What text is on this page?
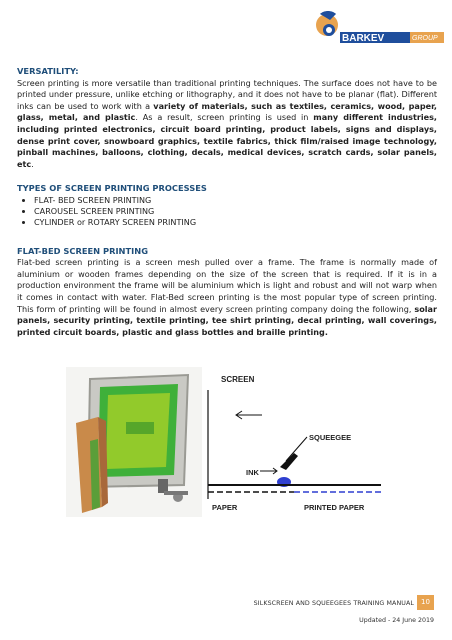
BARKEV	GROUP
VERSATILITY:

Screen printing is more versatile than traditional printing techniques. The surface does not have to be printed under pressure, unlike etching or lithography, and it does not have to be planar (flat). Different inks can be used to work with a variety of materials, such as textiles, ceramics, wood, paper, glass, metal, and plastic. As a result, screen printing is used in many different industries, including printed electronics, circuit board printing, product labels, signs and displays, dense print cover, snowboard graphics, textile fabrics, thick film/raised image technology, pinball machines, balloons, clothing, decals, medical devices, scratch cards, solar panels, etc.

TYPES OF SCREEN PRINTING PROCESSES
• FLAT- BED SCREEN PRINTING
• CAROUSEL SCREEN PRINTING
• CYLINDER or ROTARY SCREEN PRINTING
FLAT-BED SCREEN PRINTING

Flat-bed screen printing is a screen mesh pulled over a frame. The frame is normally made of aluminium or wooden frames depending on the size of the screen that is required. If it is in a production environment the frame will be aluminium which is light and robust and will not warp when it comes in contact with water. Flat-Bed screen printing is the most popular type of screen printing. This form of printing will be found in almost every screen printing company doing the following, solar panels, security printing, textile printing, tee shirt printing, decal printing, wall coverings, printed circuit boards, plastic and glass bottles and braille printing.

SCREEN
SQUEEGEE
INK
PAPER	PRINTED PAPER
SILKSCREEN AND SQUEEGEES TRAINING MANUAL	10
Updated - 24 June 2019
